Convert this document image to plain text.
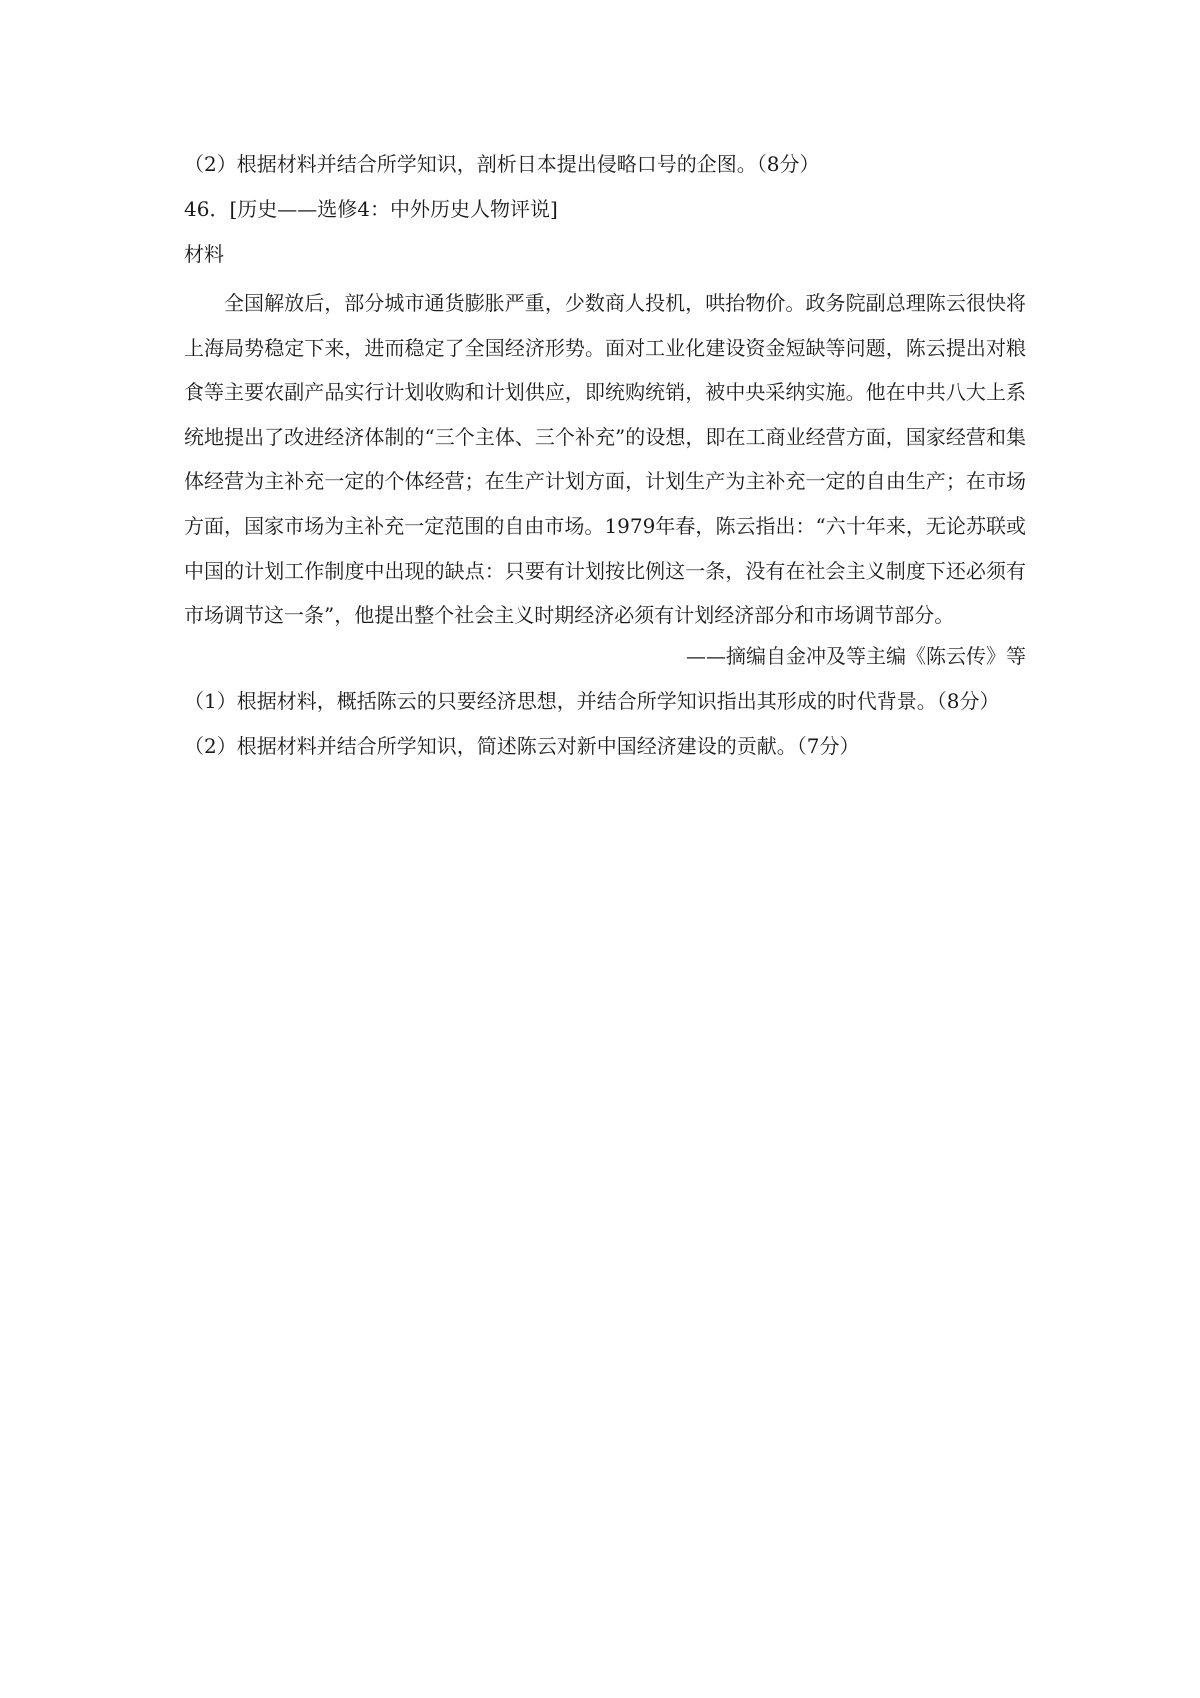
（2）根据材料并结合所学知识，剖析日本提出侵略口号的企图。（8分）
46．[历史——选修4：中外历史人物评说]
材料

全国解放后，部分城市通货膨胀严重，少数商人投机，哄抬物价。政务院副总理陈云很快将上海局势稳定下来，进而稳定了全国经济形势。面对工业化建设资金短缺等问题，陈云提出对粮食等主要农副产品实行计划收购和计划供应，即统购统销，被中央采纳实施。他在中共八大上系统地提出了改进经济体制的“三个主体、三个补充”的设想，即在工商业经营方面，国家经营和集体经营为主补充一定的个体经营；在生产计划方面，计划生产为主补充一定的自由生产；在市场方面，国家市场为主补充一定范围的自由市场。1979年春，陈云指出：“六十年来，无论苏联或中国的计划工作制度中出现的缺点：只要有计划按比例这一条，没有在社会主义制度下还必须有市场调节这一条”，他提出整个社会主义时期经济必须有计划经济部分和市场调节部分。

——摘编自金冲及等主编《陈云传》等
（1）根据材料，概括陈云的只要经济思想，并结合所学知识指出其形成的时代背景。（8分）
（2）根据材料并结合所学知识，简述陈云对新中国经济建设的贡献。（7分）
